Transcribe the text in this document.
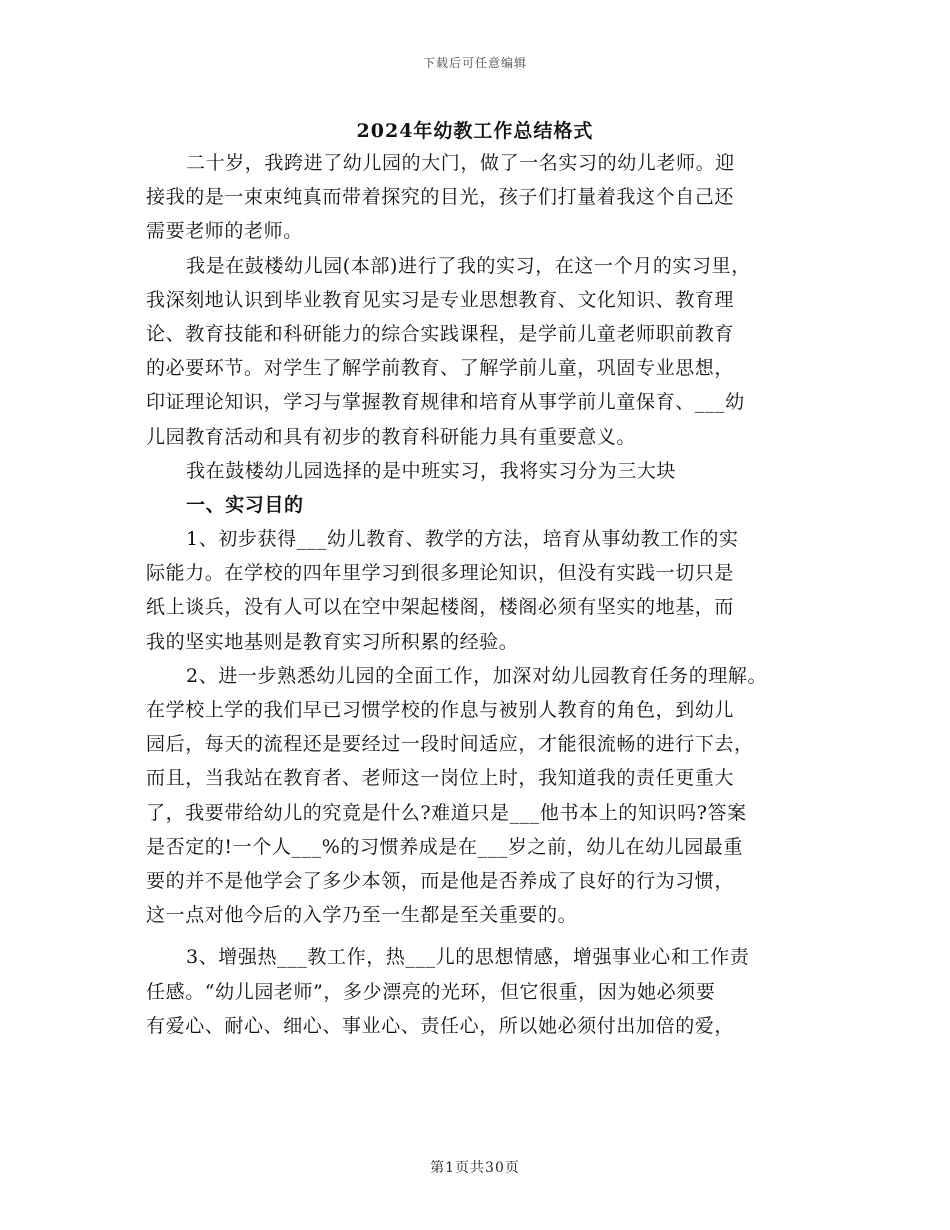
下载后可任意编辑
2024年幼教工作总结格式
二十岁，我跨进了幼儿园的大门，做了一名实习的幼儿老师。迎
接我的是一束束纯真而带着探究的目光，孩子们打量着我这个自己还
需要老师的老师。
我是在鼓楼幼儿园(本部)进行了我的实习，在这一个月的实习里，
我深刻地认识到毕业教育见实习是专业思想教育、文化知识、教育理
论、教育技能和科研能力的综合实践课程，是学前儿童老师职前教育
的必要环节。对学生了解学前教育、了解学前儿童，巩固专业思想，
印证理论知识，学习与掌握教育规律和培育从事学前儿童保育、___幼
儿园教育活动和具有初步的教育科研能力具有重要意义。
我在鼓楼幼儿园选择的是中班实习，我将实习分为三大块
一、实习目的
1、初步获得___幼儿教育、教学的方法，培育从事幼教工作的实
际能力。在学校的四年里学习到很多理论知识，但没有实践一切只是
纸上谈兵，没有人可以在空中架起楼阁，楼阁必须有坚实的地基，而
我的坚实地基则是教育实习所积累的经验。
2、进一步熟悉幼儿园的全面工作，加深对幼儿园教育任务的理解。
在学校上学的我们早已习惯学校的作息与被别人教育的角色，到幼儿
园后，每天的流程还是要经过一段时间适应，才能很流畅的进行下去，
而且，当我站在教育者、老师这一岗位上时，我知道我的责任更重大
了，我要带给幼儿的究竟是什么?难道只是___他书本上的知识吗?答案
是否定的!一个人___%的习惯养成是在___岁之前，幼儿在幼儿园最重
要的并不是他学会了多少本领，而是他是否养成了良好的行为习惯，
这一点对他今后的入学乃至一生都是至关重要的。
3、增强热___教工作，热___儿的思想情感，增强事业心和工作责
任感。“幼儿园老师”，多少漂亮的光环，但它很重，因为她必须要
有爱心、耐心、细心、事业心、责任心，所以她必须付出加倍的爱，
第1页共30页
